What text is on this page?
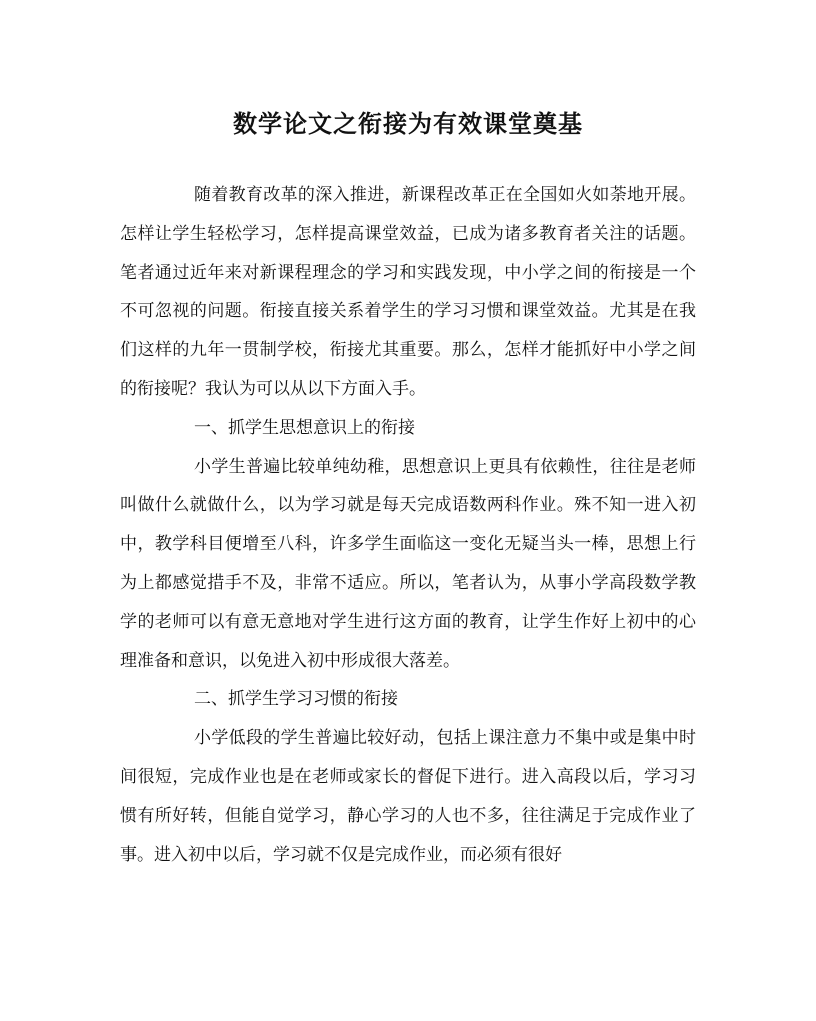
数学论文之衔接为有效课堂奠基

随着教育改革的深入推进，新课程改革正在全国如火如荼地开展。怎样让学生轻松学习，怎样提高课堂效益，已成为诸多教育者关注的话题。笔者通过近年来对新课程理念的学习和实践发现，中小学之间的衔接是一个不可忽视的问题。衔接直接关系着学生的学习习惯和课堂效益。尤其是在我们这样的九年一贯制学校，衔接尤其重要。那么，怎样才能抓好中小学之间的衔接呢？我认为可以从以下方面入手。

一、抓学生思想意识上的衔接

小学生普遍比较单纯幼稚，思想意识上更具有依赖性，往往是老师叫做什么就做什么，以为学习就是每天完成语数两科作业。殊不知一进入初中，教学科目便增至八科，许多学生面临这一变化无疑当头一棒，思想上行为上都感觉措手不及，非常不适应。所以，笔者认为，从事小学高段数学教学的老师可以有意无意地对学生进行这方面的教育，让学生作好上初中的心理准备和意识，以免进入初中形成很大落差。

二、抓学生学习习惯的衔接

小学低段的学生普遍比较好动，包括上课注意力不集中或是集中时间很短，完成作业也是在老师或家长的督促下进行。进入高段以后，学习习惯有所好转，但能自觉学习，静心学习的人也不多，往往满足于完成作业了事。进入初中以后，学习就不仅是完成作业，而必须有很好
